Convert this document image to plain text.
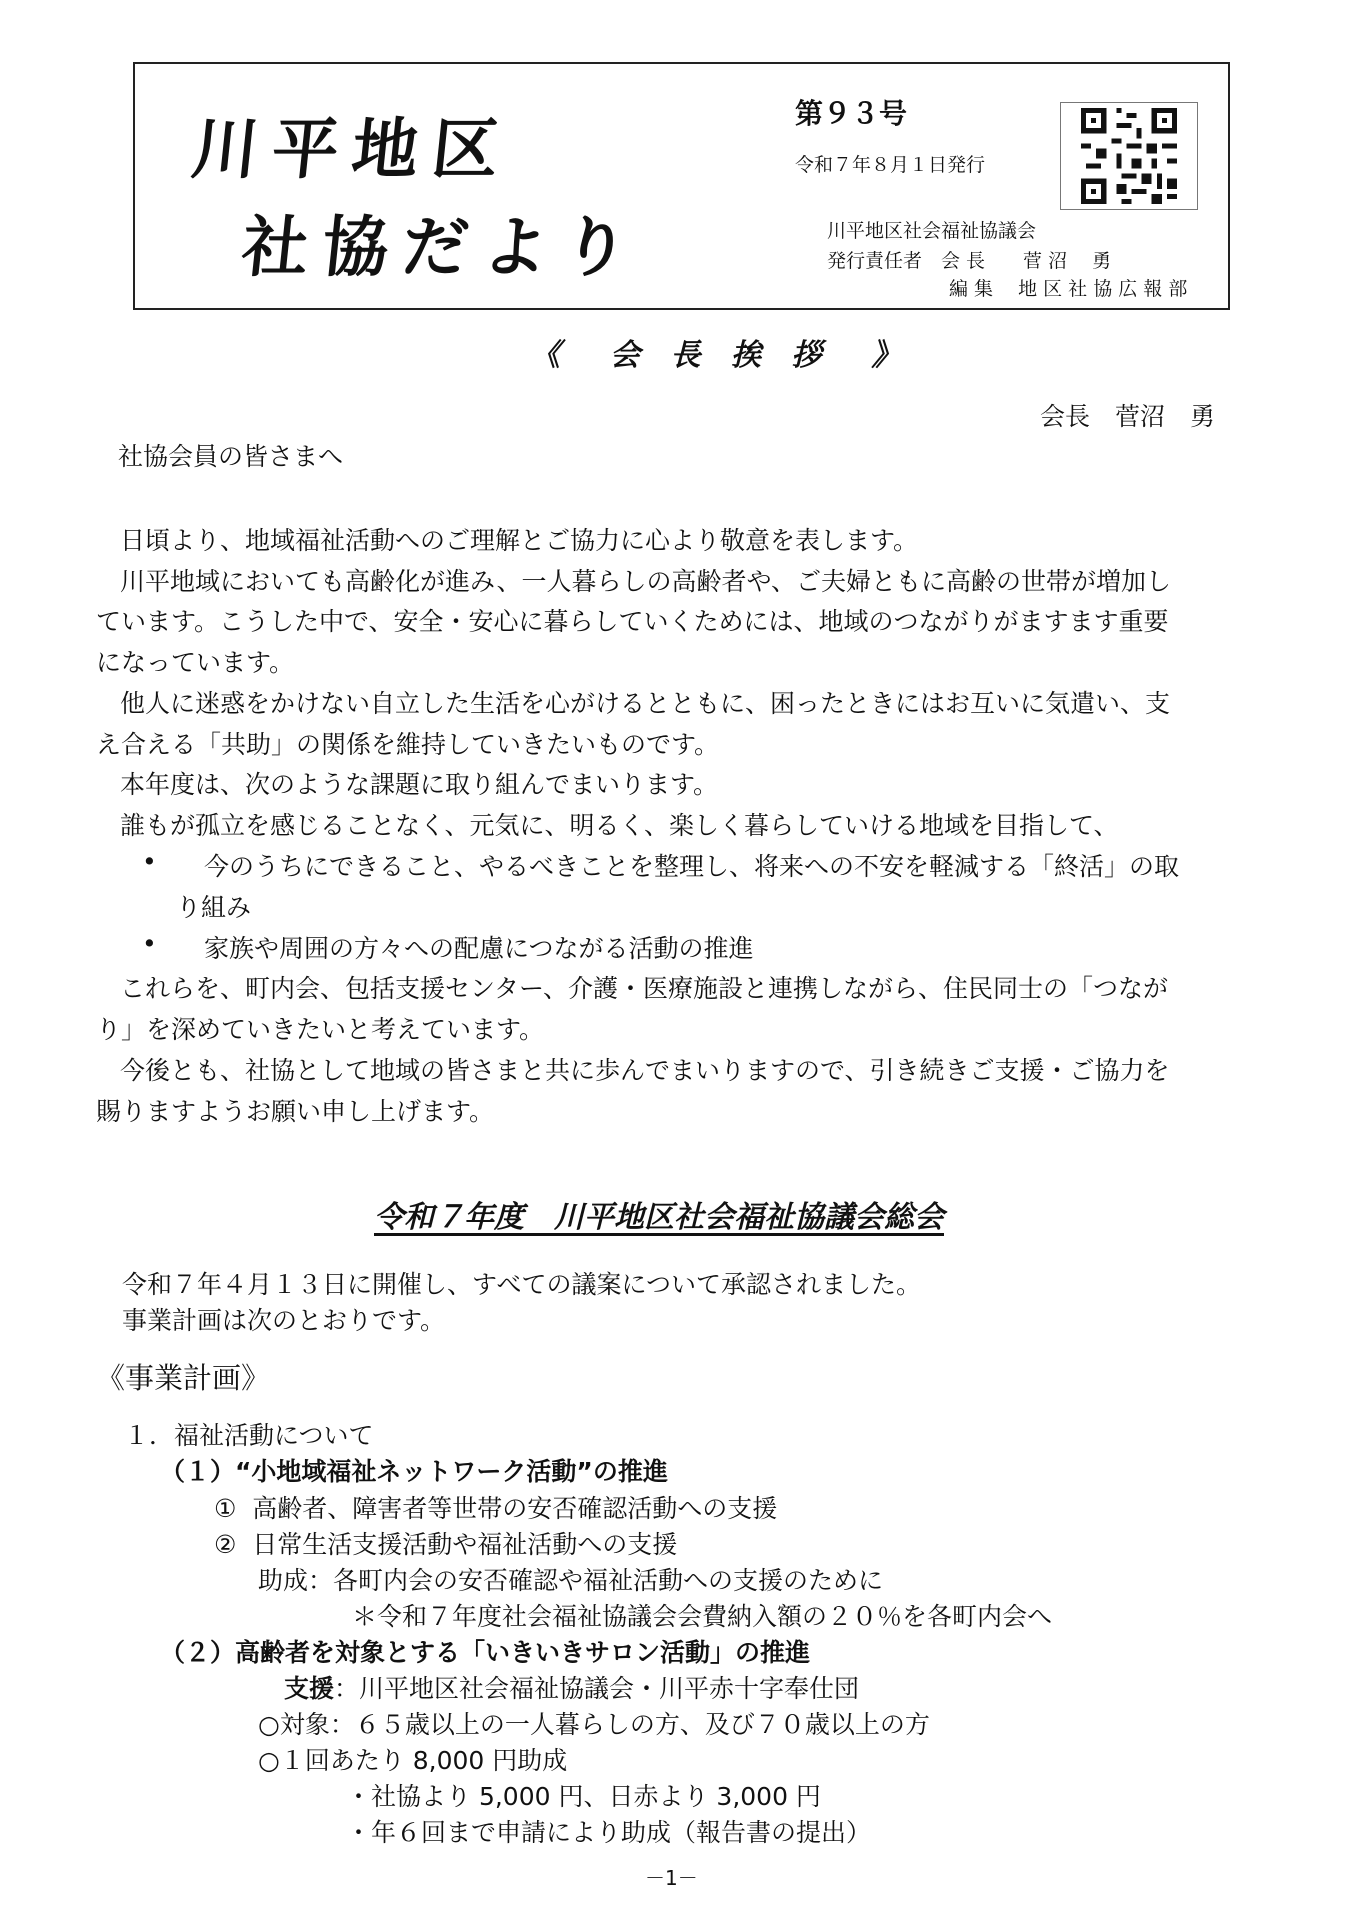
川平地区
社協だより
第９３号
令和７年８月１日発行
川平地区社会福祉協議会
発行責任者　会 長　　菅 沼　 勇
編 集　 地 区 社 協 広 報 部
《　会 長 挨 拶　》
会長　菅沼　勇
社協会員の皆さまへ
日頃より、地域福祉活動へのご理解とご協力に心より敬意を表します。
川平地域においても高齢化が進み、一人暮らしの高齢者や、ご夫婦ともに高齢の世帯が増加し
ています。こうした中で、安全・安心に暮らしていくためには、地域のつながりがますます重要
になっています。
他人に迷惑をかけない自立した生活を心がけるとともに、困ったときにはお互いに気遣い、支
え合える「共助」の関係を維持していきたいものです。
本年度は、次のような課題に取り組んでまいります。
誰もが孤立を感じることなく、元気に、明るく、楽しく暮らしていける地域を目指して、
• 今のうちにできること、やるべきことを整理し、将来への不安を軽減する「終活」の取
り組み
• 家族や周囲の方々への配慮につながる活動の推進
これらを、町内会、包括支援センター、介護・医療施設と連携しながら、住民同士の「つなが
り」を深めていきたいと考えています。
今後とも、社協として地域の皆さまと共に歩んでまいりますので、引き続きご支援・ご協力を
賜りますようお願い申し上げます。
令和７年度　川平地区社会福祉協議会総会
令和７年４月１３日に開催し、すべての議案について承認されました。
事業計画は次のとおりです。
《事業計画》
１．福祉活動について
（１）“小地域福祉ネットワーク活動”の推進
①  高齢者、障害者等世帯の安否確認活動への支援
②  日常生活支援活動や福祉活動への支援
助成：各町内会の安否確認や福祉活動への支援のために
＊令和７年度社会福祉協議会会費納入額の２０％を各町内会へ
（２）高齢者を対象とする「いきいきサロン活動」の推進
支援：川平地区社会福祉協議会・川平赤十字奉仕団
○対象：６５歳以上の一人暮らしの方、及び７０歳以上の方
○１回あたり 8,000 円助成
・社協より 5,000 円、日赤より 3,000 円
・年６回まで申請により助成（報告書の提出）
－1－
